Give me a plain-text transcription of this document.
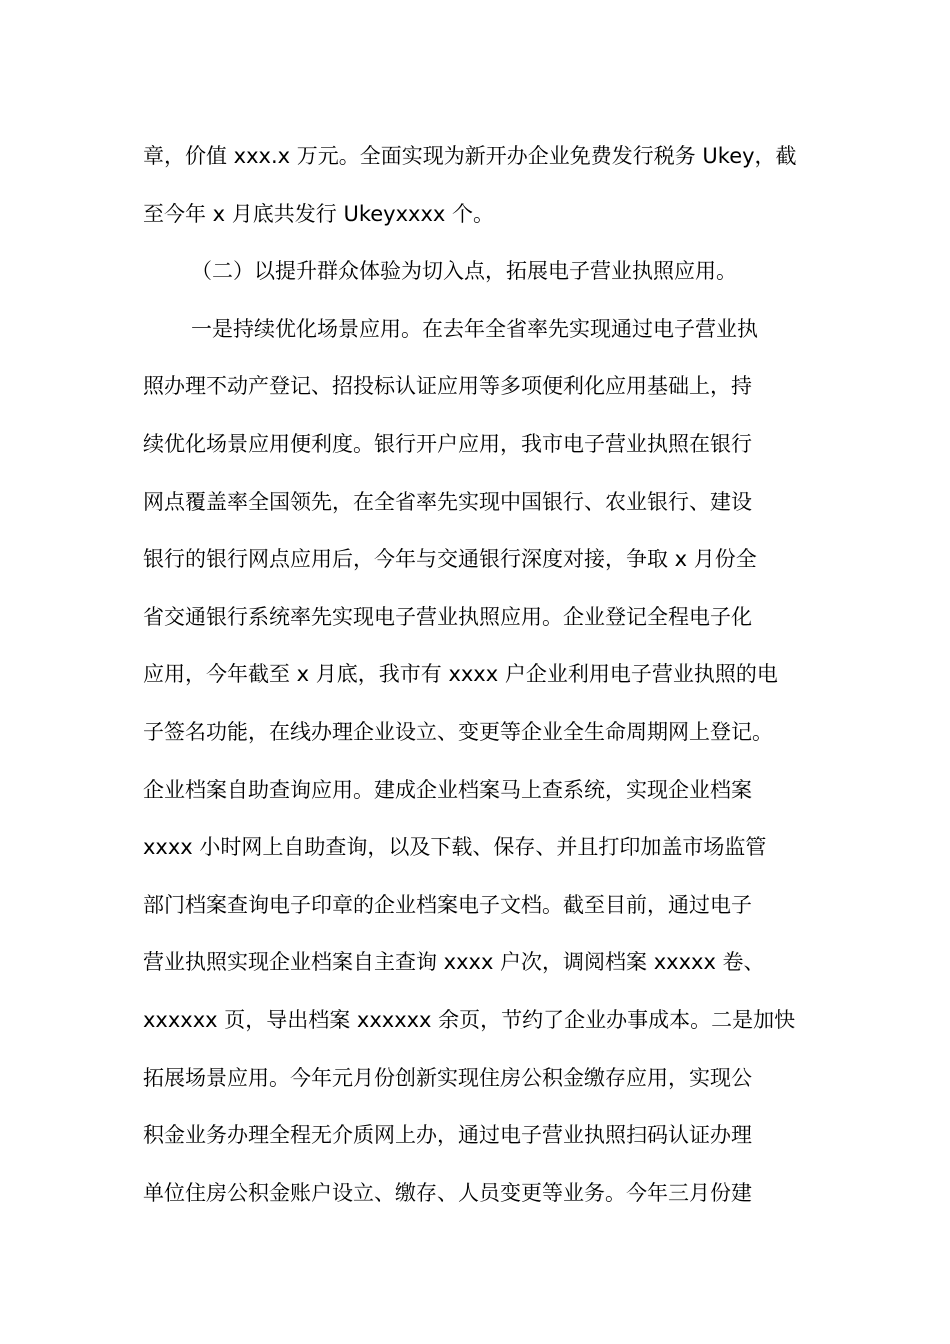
章，价值 xxx.x 万元。全面实现为新开办企业免费发行税务 Ukey，截
至今年 x 月底共发行 Ukeyxxxx 个。
（二）以提升群众体验为切入点，拓展电子营业执照应用。
一是持续优化场景应用。在去年全省率先实现通过电子营业执
照办理不动产登记、招投标认证应用等多项便利化应用基础上，持
续优化场景应用便利度。银行开户应用，我市电子营业执照在银行
网点覆盖率全国领先，在全省率先实现中国银行、农业银行、建设
银行的银行网点应用后，今年与交通银行深度对接，争取 x 月份全
省交通银行系统率先实现电子营业执照应用。企业登记全程电子化
应用，今年截至 x 月底，我市有 xxxx 户企业利用电子营业执照的电
子签名功能，在线办理企业设立、变更等企业全生命周期网上登记。
企业档案自助查询应用。建成企业档案马上查系统，实现企业档案
xxxx 小时网上自助查询，以及下载、保存、并且打印加盖市场监管
部门档案查询电子印章的企业档案电子文档。截至目前，通过电子
营业执照实现企业档案自主查询 xxxx 户次，调阅档案 xxxxx 卷、
xxxxxx 页，导出档案 xxxxxx 余页，节约了企业办事成本。二是加快
拓展场景应用。今年元月份创新实现住房公积金缴存应用，实现公
积金业务办理全程无介质网上办，通过电子营业执照扫码认证办理
单位住房公积金账户设立、缴存、人员变更等业务。今年三月份建
